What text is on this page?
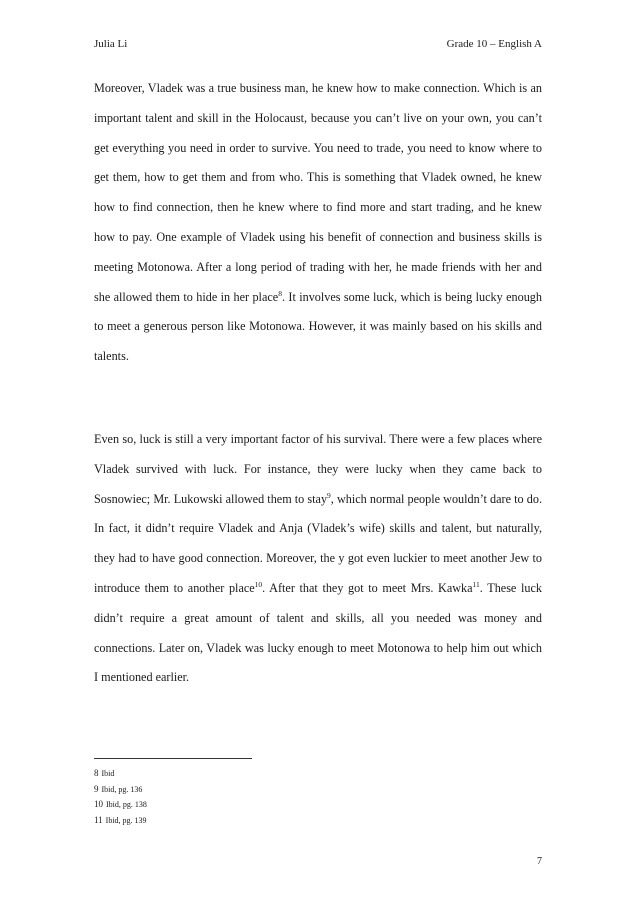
Julia Li	Grade 10 – English A

Moreover, Vladek was a true business man, he knew how to make connection. Which is an important talent and skill in the Holocaust, because you can’t live on your own, you can’t get everything you need in order to survive. You need to trade, you need to know where to get them, how to get them and from who. This is something that Vladek owned, he knew how to find connection, then he knew where to find more and start trading, and he knew how to pay. One example of Vladek using his benefit of connection and business skills is meeting Motonowa. After a long period of trading with her, he made friends with her and she allowed them to hide in her place$^8$. It involves some luck, which is being lucky enough to meet a generous person like Motonowa. However, it was mainly based on his skills and talents.

Even so, luck is still a very important factor of his survival. There were a few places where Vladek survived with luck. For instance, they were lucky when they came back to Sosnowiec; Mr. Lukowski allowed them to stay$^9$, which normal people wouldn’t dare to do. In fact, it didn’t require Vladek and Anja (Vladek’s wife) skills and talent, but naturally, they had to have good connection. Moreover, the y got even luckier to meet another Jew to introduce them to another place$^{10}$. After that they got to meet Mrs. Kawka$^{11}$. These luck didn’t require a great amount of talent and skills, all you needed was money and connections. Later on, Vladek was lucky enough to meet Motonowa to help him out which I mentioned earlier.

8 Ibid
9 Ibid, pg. 136
10 Ibid, pg. 138
11 Ibid, pg. 139
7
